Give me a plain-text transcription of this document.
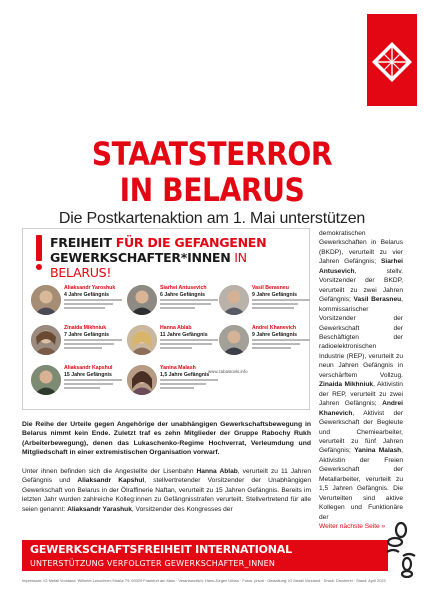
STAATSTERROR
IN BELARUS
Die Postkartenaktion am 1. Mai unterstützen
FREIHEIT FÜR DIE GEFANGENEN
GEWERKSCHAFTER*INNEN IN BELARUS!
Aliaksandr Yaroshuk
4 Jahre Gefängnis
Siarhei Antusevich
6 Jahre Gefängnis
Vasil Berasneu
9 Jahre Gefängnis
Zinaida Mikhniuk
7 Jahre Gefängnis
Hanna Ablab
11 Jahre Gefängnis
Andrei Khanevich
9 Jahre Gefängnis
Aliaksandr Kapshul
15 Jahre Gefängnis
Yanina Malash
1,5 Jahre Gefängnis
www.zabastovki.info
Die Reihe der Urteile gegen Angehörige der unabhängigen Gewerkschaftsbewegung in Belarus nimmt kein Ende. Zuletzt traf es zehn Mitglieder der Gruppe Rabochy Rukh (Arbeiterbewegung), denen das Lukaschenko-Regime Hochverrat, Verleumdung und Mitgliedschaft in einer extremistischen Organisation vorwarf.
Unter ihnen befinden sich die Angestellte der Lisenbahn Hanna Ablab, verurteilt zu 11 Jahren Gefängnis und Aliaksandr Kapshul, stellvertretender Vorsitzender der Unabhängigen Gewerkschaft von Belarus in der Ölraffinerie Naftan, verurteilt zu 15 Jahren Gefängnis. Bereits im letzten Jahr wurden zahlreiche Kolleg:innen zu Gefängnisstrafen verurteilt. Stellvertretend für alle seien genannt: Aliaksandr Yarashuk, Vorsitzender des Kongresses der
demokratischen Gewerkschaften in Belarus (BKDP), verurteilt zu vier Jahren Gefängnis; Siarhei Antusevich, stellv. Vorsitzender der BKDP, verurteilt zu zwei Jahren Gefängnis; Vasil Berasneu, kommissarischer Vorsitzender der Gewerkschaft der Beschäftigten der radioelektronischen Industrie (REP), verurteilt zu neun Jahren Gefängnis in verschärftem Vollzug. Zinaida Mikhniuk, Aktivistin der REP, verurteilt zu zwei Jahren Gefängnis; Andrei Khanevich, Aktivist der Gewerkschaft der Begleute und Chemiearbeiter, verurteilt zu fünf Jahren Gefängnis; Yanina Malash, Aktivistin der Freien Gewerkschaft der Metallarbeiter, verurteilt zu 1,5 Jahren Gefängnis. Die Verurteilten sind aktive Kollegen und Funktionäre der
Weiter nächste Seite »
GEWERKSCHAFTSFREIHEIT INTERNATIONAL
UNTERSTÜTZUNG VERFOLGTER GEWERKSCHAFTER_INNEN
Impressum: IG Metall Vorstand, Wilhelm-Leuschner-Straße 79, 60329 Frankfurt am Main · Verantwortlich: Hans-Jürgen Urban · Fotos: privat · Gestaltung: IG Metall Vorstand · Druck: Druckerei · Stand: April 2023
